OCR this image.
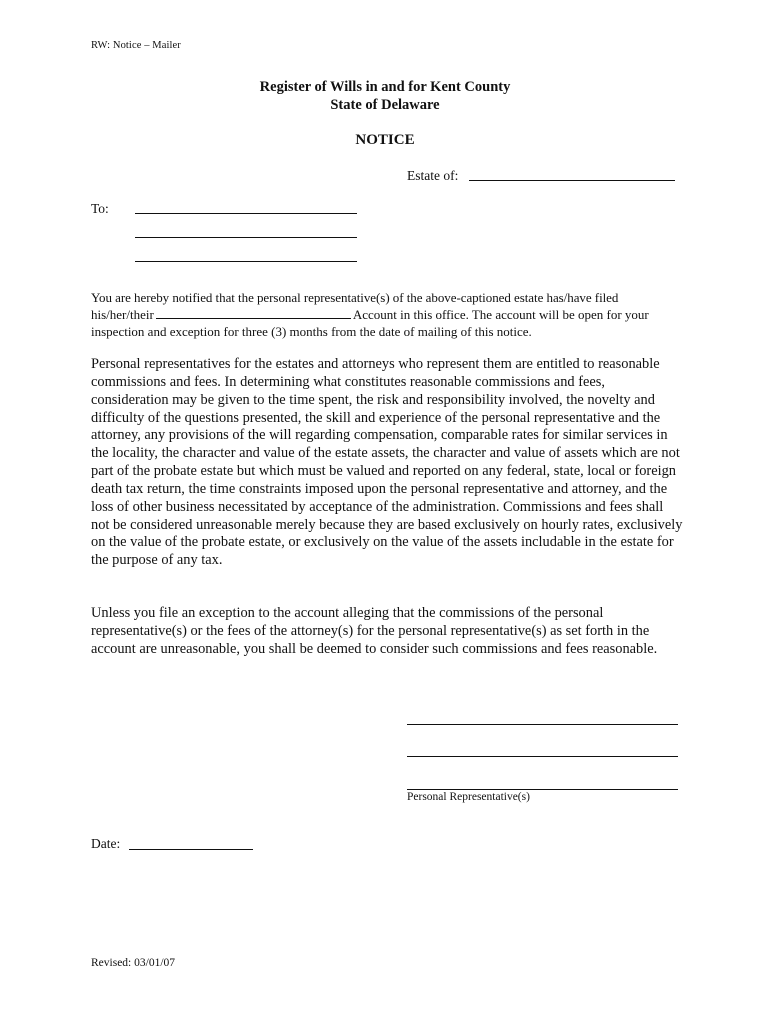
RW: Notice – Mailer
Register of Wills in and for Kent County
State of Delaware
NOTICE
Estate of:
To:
You are hereby notified that the personal representative(s) of the above-captioned estate has/have filed
his/her/their	Account in this office. The account will be open for your
inspection and exception for three (3) months from the date of mailing of this notice.
Personal representatives for the estates and attorneys who represent them are entitled to reasonable commissions and fees. In determining what constitutes reasonable commissions and fees, consideration may be given to the time spent, the risk and responsibility involved, the novelty and difficulty of the questions presented, the skill and experience of the personal representative and the attorney, any provisions of the will regarding compensation, comparable rates for similar services in the locality, the character and value of the estate assets, the character and value of assets which are not part of the probate estate but which must be valued and reported on any federal, state, local or foreign death tax return, the time constraints imposed upon the personal representative and attorney, and the loss of other business necessitated by acceptance of the administration. Commissions and fees shall not be considered unreasonable merely because they are based exclusively on hourly rates, exclusively on the value of the probate estate, or exclusively on the value of the assets includable in the estate for the purpose of any tax.
Unless you file an exception to the account alleging that the commissions of the personal representative(s) or the fees of the attorney(s) for the personal representative(s) as set forth in the account are unreasonable, you shall be deemed to consider such commissions and fees reasonable.
Personal Representative(s)
Date:
Revised: 03/01/07
